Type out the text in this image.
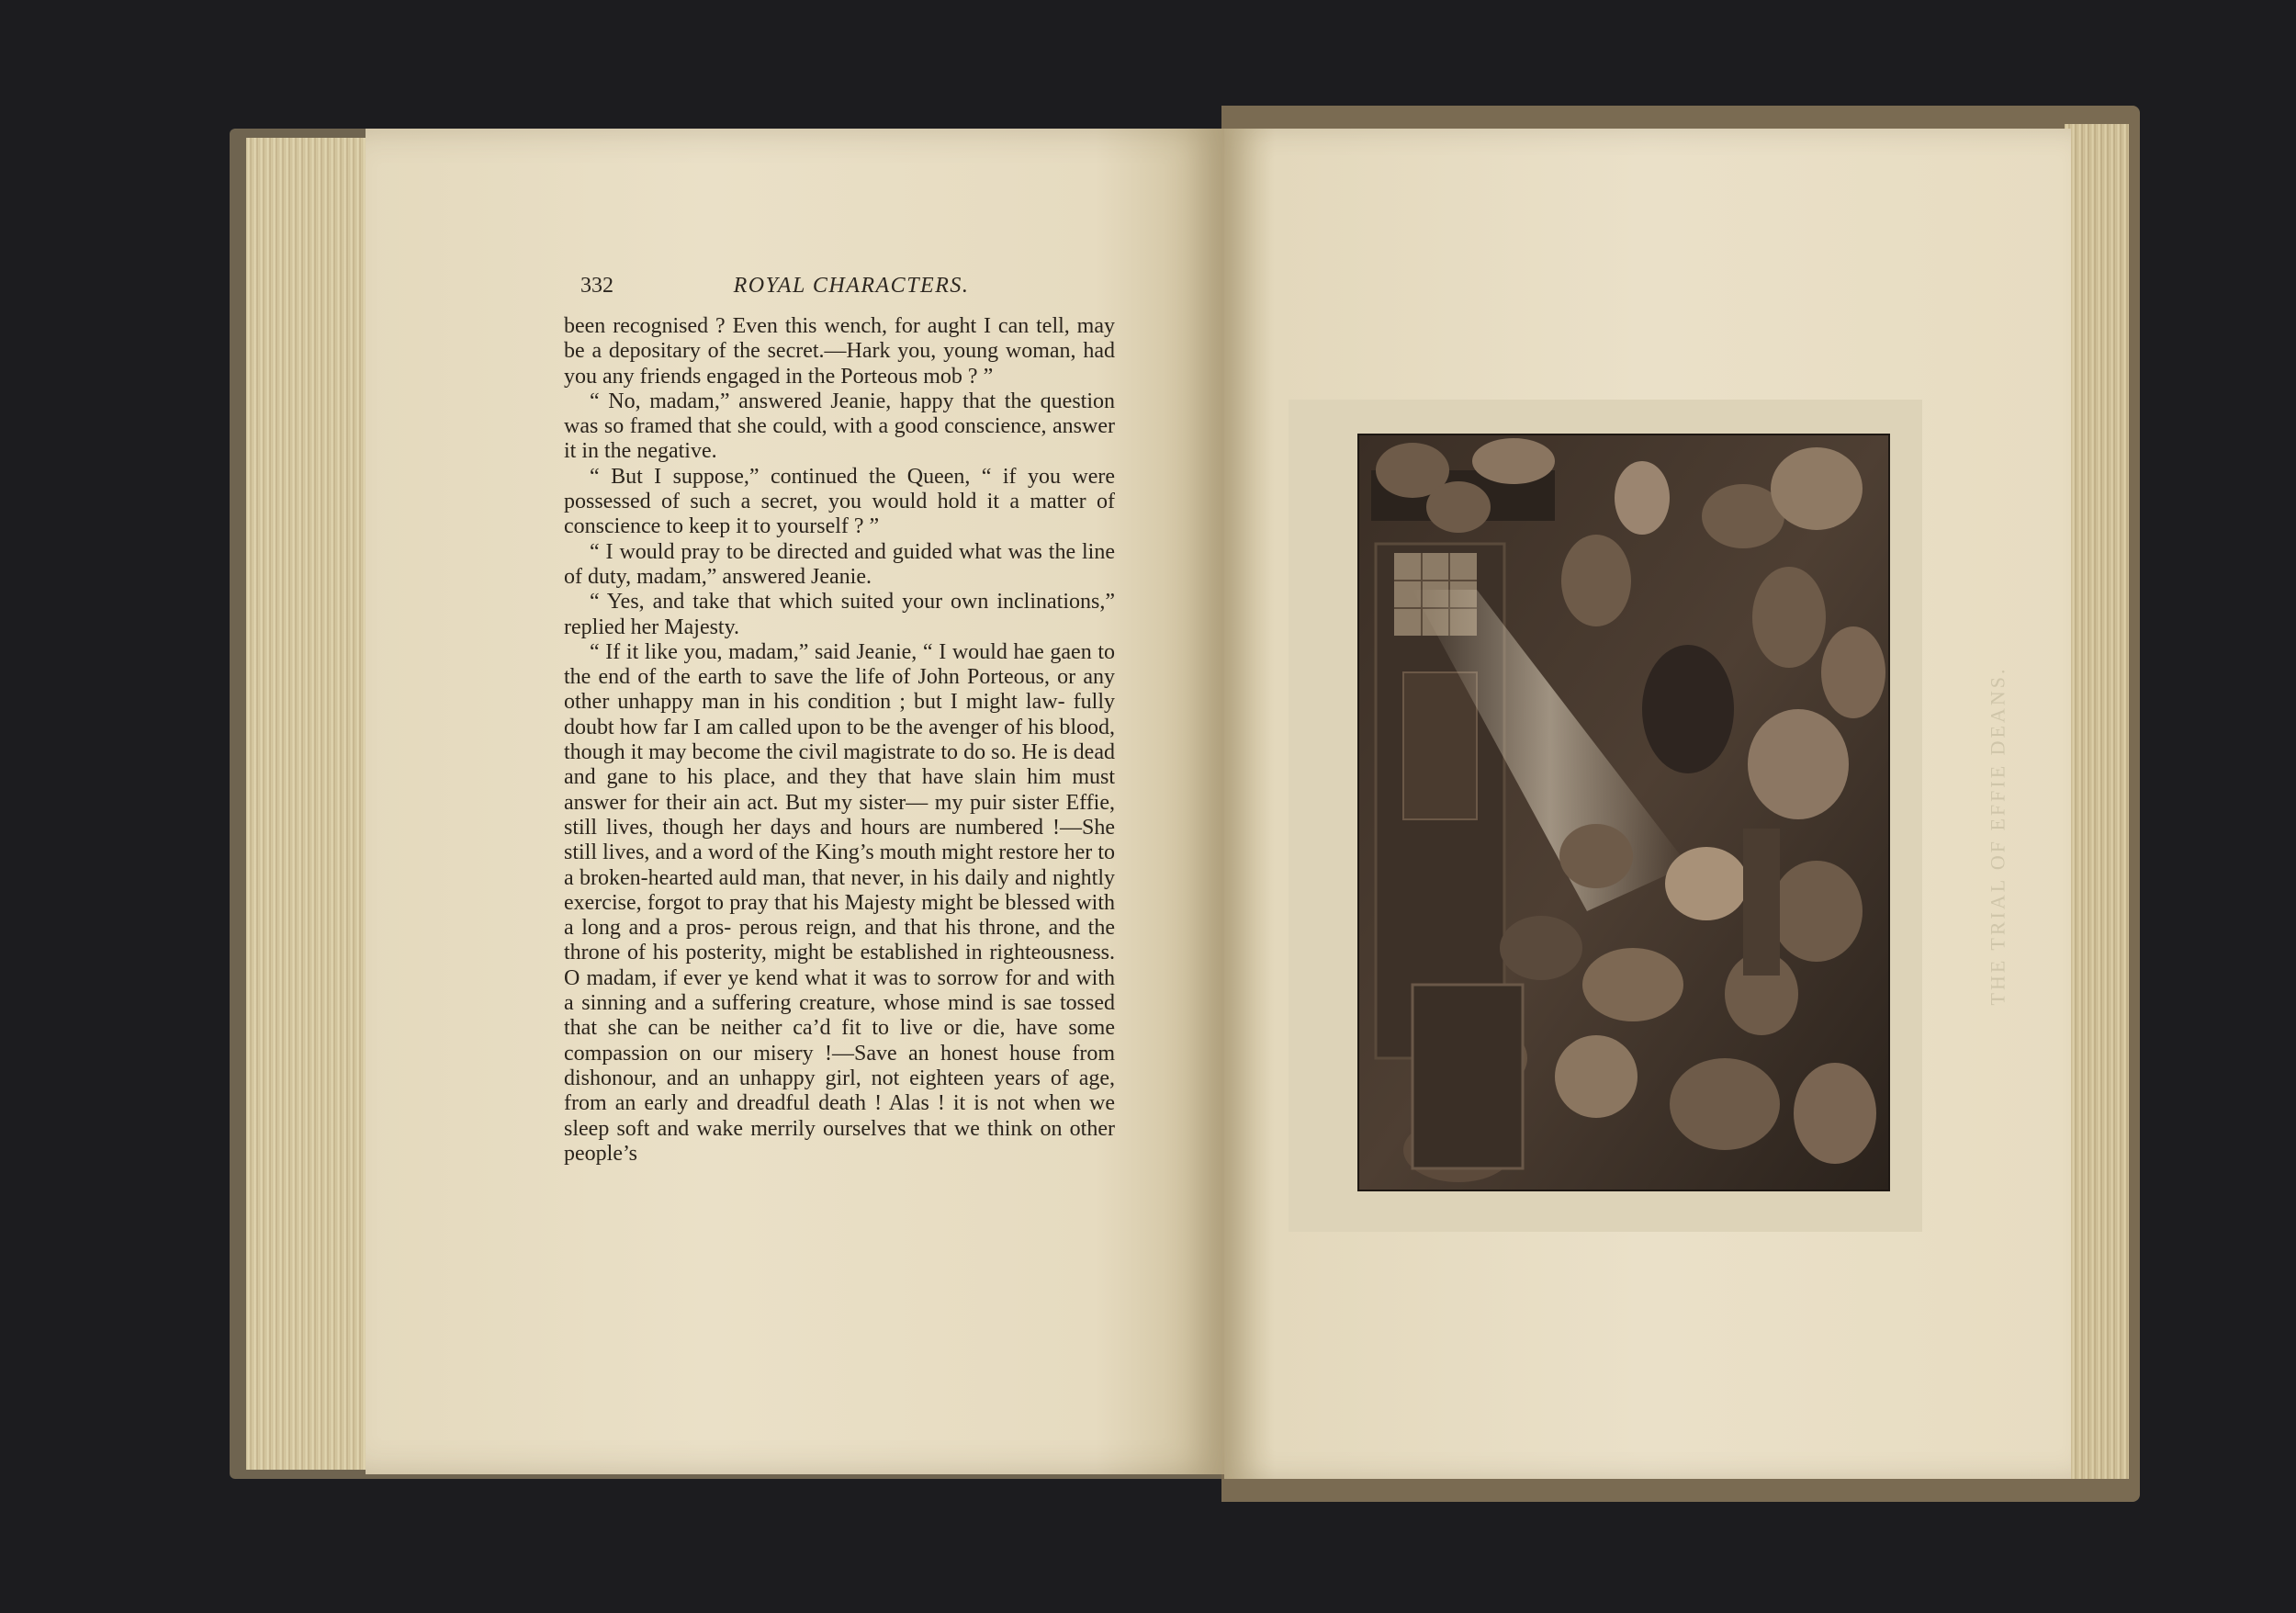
332	ROYAL CHARACTERS.

been recognised ? Even this wench, for aught I can tell, may be a depositary of the secret.—Hark you, young woman, had you any friends engaged in the Porteous mob ? ”

“ No, madam,” answered Jeanie, happy that the question was so framed that she could, with a good conscience, answer it in the negative.

“ But I suppose,” continued the Queen, “ if you were possessed of such a secret, you would hold it a matter of conscience to keep it to yourself ? ”

“ I would pray to be directed and guided what was the line of duty, madam,” answered Jeanie.

“ Yes, and take that which suited your own inclinations,” replied her Majesty.

“ If it like you, madam,” said Jeanie, “ I would hae gaen to the end of the earth to save the life of John Porteous, or any other unhappy man in his condition ; but I might law- fully doubt how far I am called upon to be the avenger of his blood, though it may become the civil magistrate to do so. He is dead and gane to his place, and they that have slain him must answer for their ain act. But my sister— my puir sister Effie, still lives, though her days and hours are numbered !—She still lives, and a word of the King’s mouth might restore her to a broken-hearted auld man, that never, in his daily and nightly exercise, forgot to pray that his Majesty might be blessed with a long and a pros- perous reign, and that his throne, and the throne of his posterity, might be established in righteousness. O madam, if ever ye kend what it was to sorrow for and with a sinning and a suffering creature, whose mind is sae tossed that she can be neither ca’d fit to live or die, have some compassion on our misery !—Save an honest house from dishonour, and an unhappy girl, not eighteen years of age, from an early and dreadful death ! Alas ! it is not when we sleep soft and wake merrily ourselves that we think on other people’s

THE TRIAL OF EFFIE DEANS.
